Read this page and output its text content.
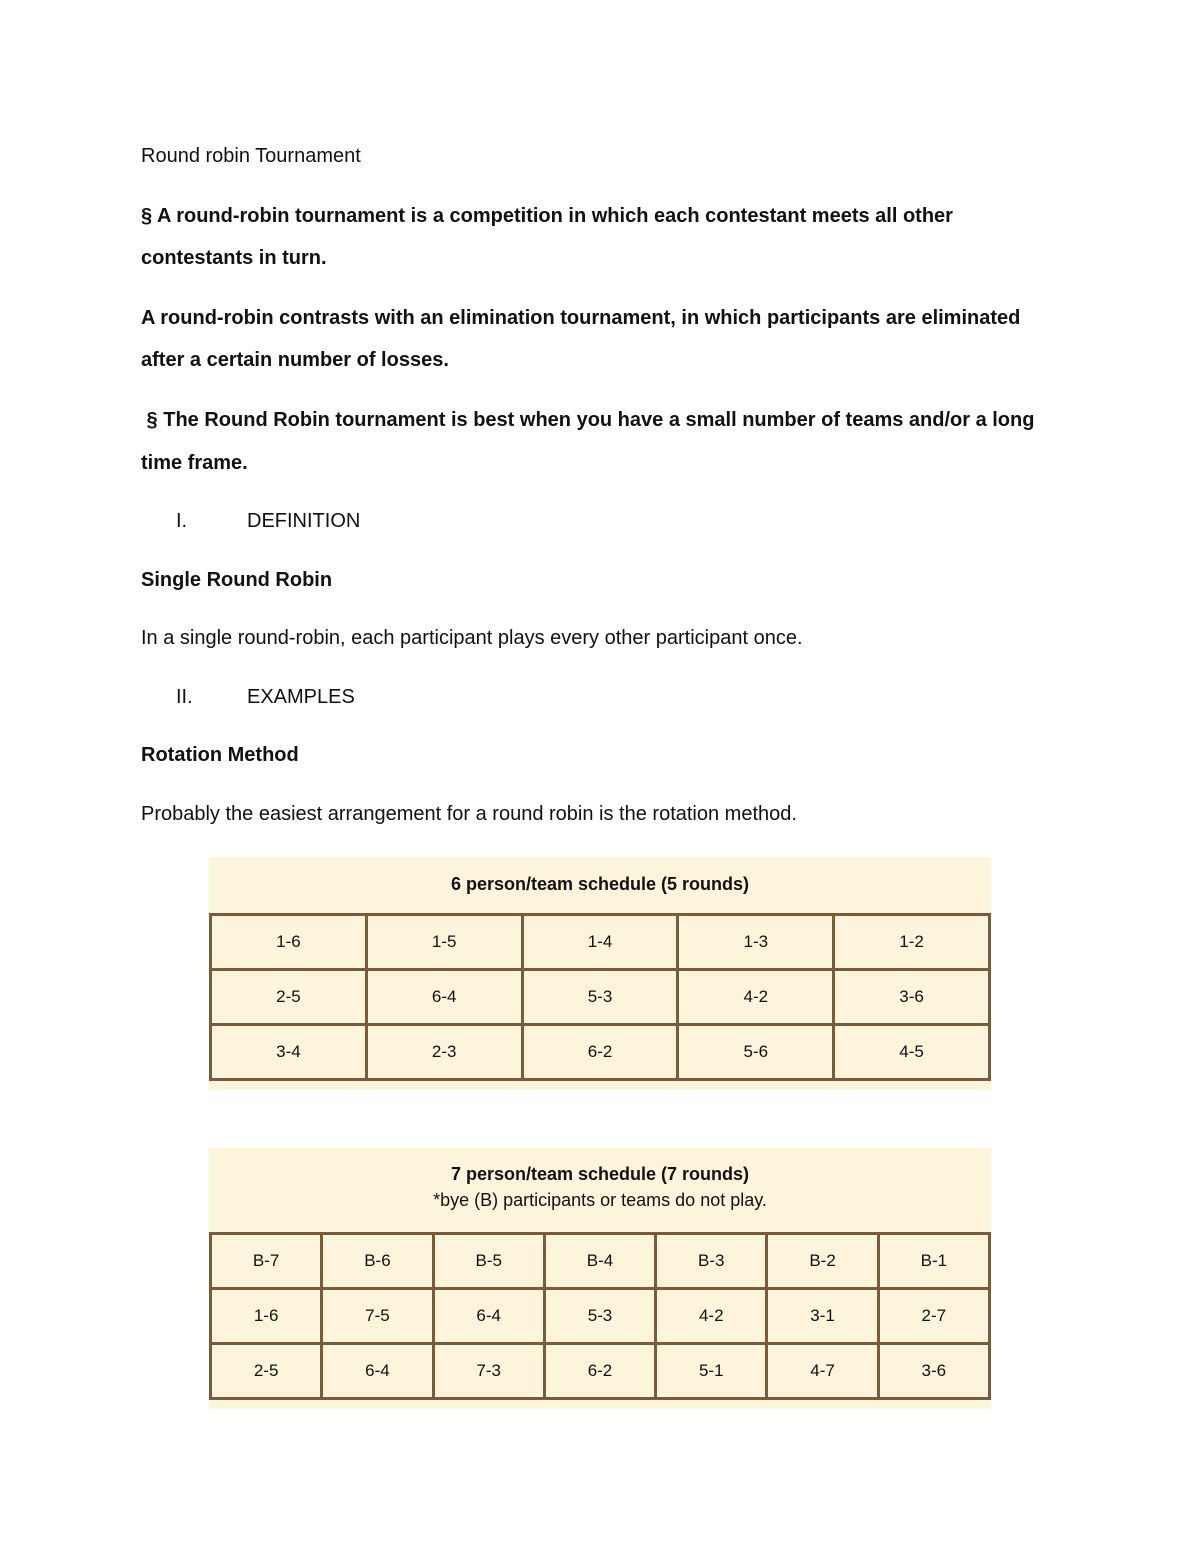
Round robin Tournament
§ A round-robin tournament is a competition in which each contestant meets all other
contestants in turn.
A round-robin contrasts with an elimination tournament, in which participants are eliminated
after a certain number of losses.
§ The Round Robin tournament is best when you have a small number of teams and/or a long
time frame.
I.	DEFINITION
Single Round Robin
In a single round-robin, each participant plays every other participant once.
II.	EXAMPLES
Rotation Method
Probably the easiest arrangement for a round robin is the rotation method.
6 person/team schedule (5 rounds)
1-6	1-5	1-4	1-3	1-2
2-5	6-4	5-3	4-2	3-6
3-4	2-3	6-2	5-6	4-5
7 person/team schedule (7 rounds)
*bye (B) participants or teams do not play.
B-7	B-6	B-5	B-4	B-3	B-2	B-1
1-6	7-5	6-4	5-3	4-2	3-1	2-7
2-5	6-4	7-3	6-2	5-1	4-7	3-6
